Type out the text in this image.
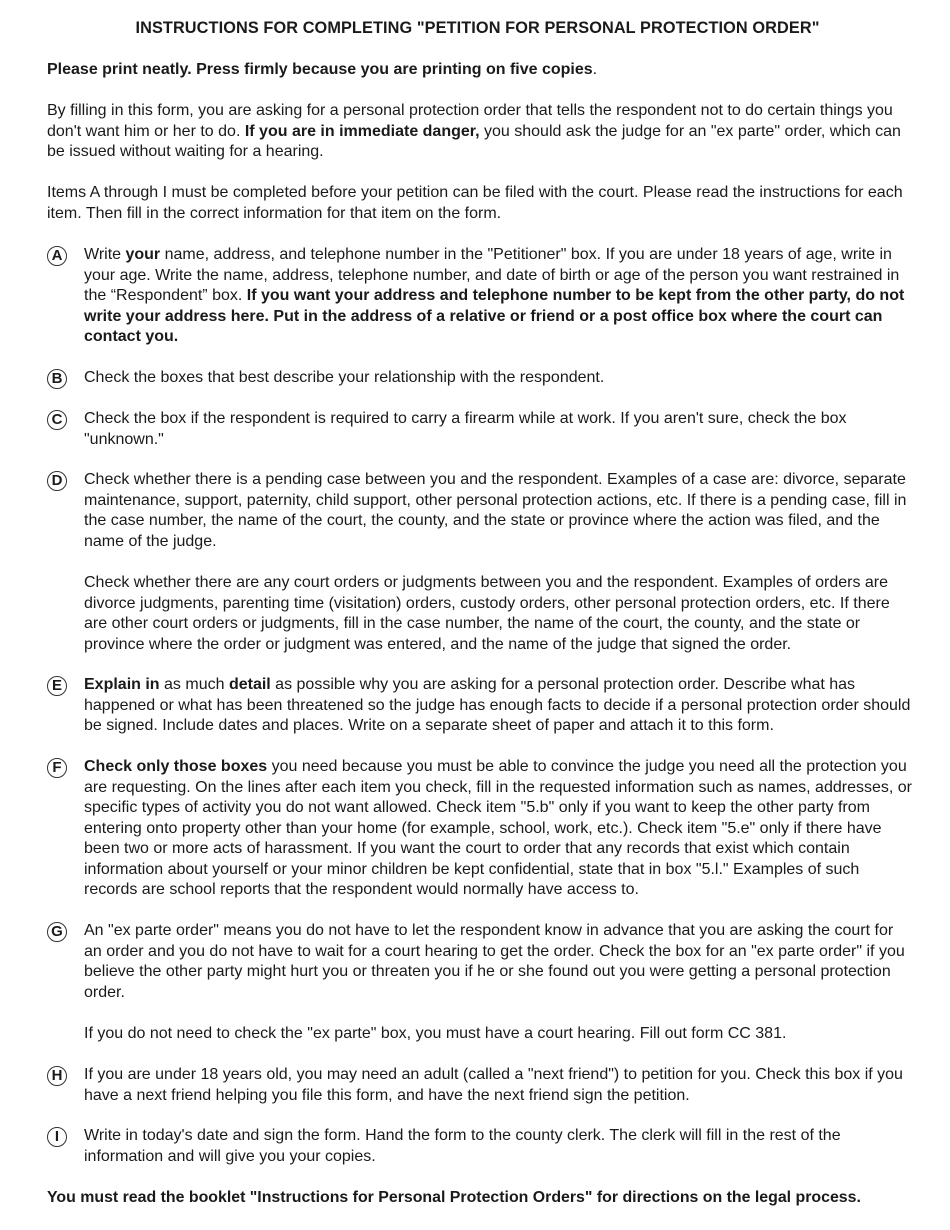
INSTRUCTIONS FOR COMPLETING "PETITION FOR PERSONAL PROTECTION ORDER"

Please print neatly. Press firmly because you are printing on five copies.

By filling in this form, you are asking for a personal protection order that tells the respondent not to do certain things you don't want him or her to do. If you are in immediate danger, you should ask the judge for an "ex parte" order, which can be issued without waiting for a hearing.

Items A through I must be completed before your petition can be filed with the court. Please read the instructions for each item. Then fill in the correct information for that item on the form.

A Write your name, address, and telephone number in the "Petitioner" box. If you are under 18 years of age, write in your age. Write the name, address, telephone number, and date of birth or age of the person you want restrained in the “Respondent” box. If you want your address and telephone number to be kept from the other party, do not write your address here. Put in the address of a relative or friend or a post office box where the court can contact you.

B Check the boxes that best describe your relationship with the respondent.

C Check the box if the respondent is required to carry a firearm while at work. If you aren't sure, check the box "unknown."

D Check whether there is a pending case between you and the respondent. Examples of a case are: divorce, separate maintenance, support, paternity, child support, other personal protection actions, etc. If there is a pending case, fill in the case number, the name of the court, the county, and the state or province where the action was filed, and the name of the judge.

Check whether there are any court orders or judgments between you and the respondent. Examples of orders are divorce judgments, parenting time (visitation) orders, custody orders, other personal protection orders, etc. If there are other court orders or judgments, fill in the case number, the name of the court, the county, and the state or province where the order or judgment was entered, and the name of the judge that signed the order.

E	Explain in as much detail as possible why you are asking for a personal protection order. Describe what has happened or what has been threatened so the judge has enough facts to decide if a personal protection order should be signed. Include dates and places. Write on a separate sheet of paper and attach it to this form.

F	Check only those boxes you need because you must be able to convince the judge you need all the protection you are requesting. On the lines after each item you check, fill in the requested information such as names, addresses, or specific types of activity you do not want allowed. Check item "5.b" only if you want to keep the other party from entering onto property other than your home (for example, school, work, etc.). Check item "5.e" only if there have been two or more acts of harassment. If you want the court to order that any records that exist which contain information about yourself or your minor children be kept confidential, state that in box "5.l." Examples of such records are school reports that the respondent would normally have access to.

G An "ex parte order" means you do not have to let the respondent know in advance that you are asking the court for an order and you do not have to wait for a court hearing to get the order. Check the box for an "ex parte order" if you believe the other party might hurt you or threaten you if he or she found out you were getting a personal protection order.

If you do not need to check the "ex parte" box, you must have a court hearing. Fill out form CC 381.

H If you are under 18 years old, you may need an adult (called a "next friend") to petition for you. Check this box if you have a next friend helping you file this form, and have the next friend sign the petition.

I	Write in today's date and sign the form. Hand the form to the county clerk. The clerk will fill in the rest of the information and will give you your copies.

You must read the booklet "Instructions for Personal Protection Orders" for directions on the legal process.
